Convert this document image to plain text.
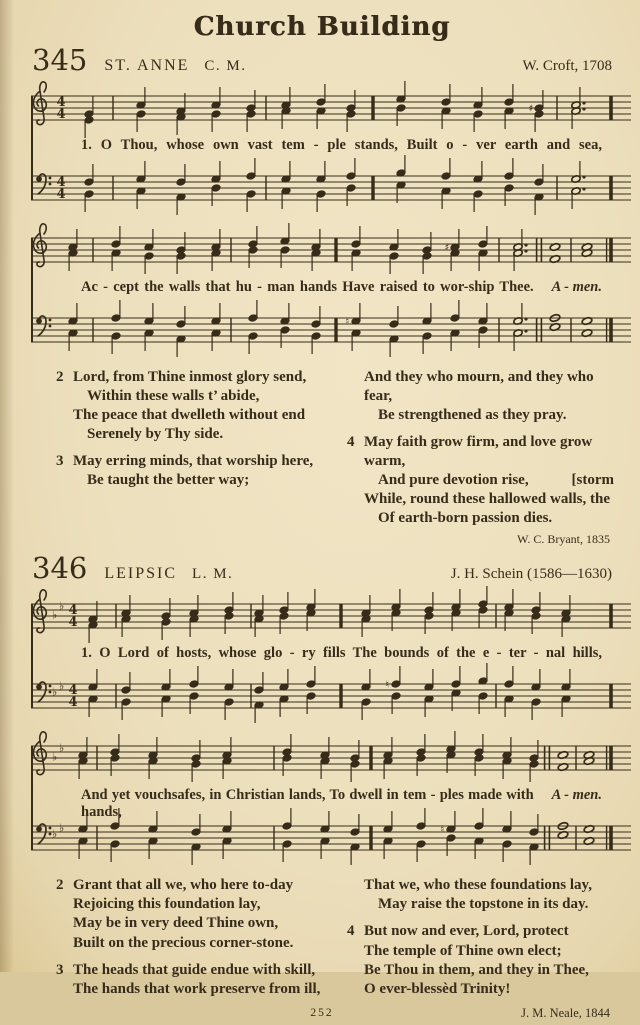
Church Building
345 ST. ANNE C. M.	W. Croft, 1708
4
4	♯
1. O Thou, whose own vast tem - ple stands, Built o - ver earth and sea,
4
4
♯
Ac - cept the walls that hu - man hands Have raised to wor-ship Thee. A - men.
♮
2 Lord, from Thine inmost glory send,
Within these walls t’ abide,
The peace that dwelleth without end
Serenely by Thy side.
3 May erring minds, that worship here,
Be taught the better way;
And they who mourn, and they who fear,
Be strengthened as they pray.
4 May faith grow firm, and love grow warm,
And pure devotion rise,	[storm
While, round these hallowed walls, the
Of earth-born passion dies.
W. C. Bryant, 1835
346 LEIPSIC L. M.	J. H. Schein (1586—1630)
♭
♭ 4
4
1. O Lord of hosts, whose glo - ry fills The bounds of the e - ter - nal hills,
♭ ♭ 4
4
♮
♭
♭
And yet vouchsafes, in Christian lands, To dwell in tem - ples made with hands,
A - men.
♭ ♭	♮
2 Grant that all we, who here to-day
Rejoicing this foundation lay,
May be in very deed Thine own,
Built on the precious corner-stone.
3 The heads that guide endue with skill,
The hands that work preserve from ill,
That we, who these foundations lay,
May raise the topstone in its day.
4 But now and ever, Lord, protect
The temple of Thine own elect;
Be Thou in them, and they in Thee,
O ever-blessèd Trinity!
252	J. M. Neale, 1844
